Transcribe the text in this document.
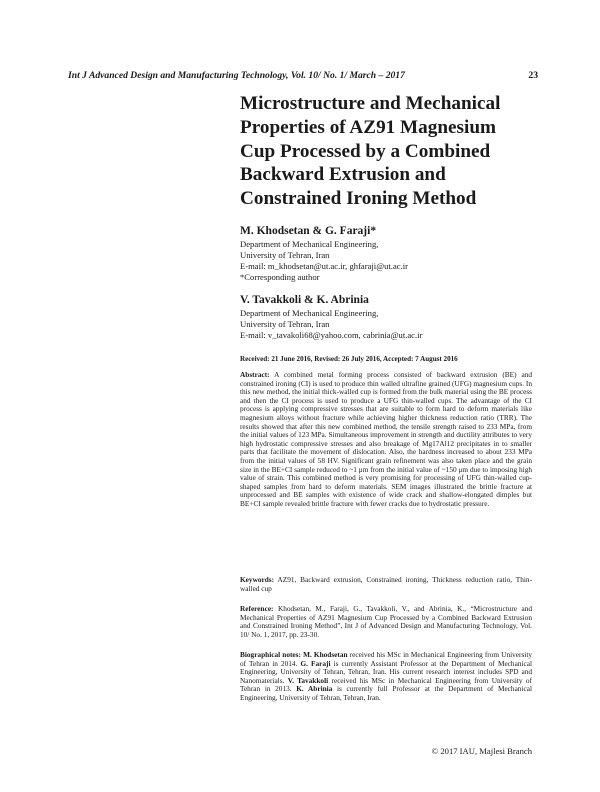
Int J Advanced Design and Manufacturing Technology, Vol. 10/ No. 1/ March – 2017	23
Microstructure and Mechanical
Properties of AZ91 Magnesium
Cup Processed by a Combined
Backward Extrusion and
Constrained Ironing Method
M. Khodsetan & G. Faraji*
Department of Mechanical Engineering,
University of Tehran, Iran
E-mail: m_khodsetan@ut.ac.ir, ghfaraji@ut.ac.ir
*Corresponding author
V. Tavakkoli & K. Abrinia
Department of Mechanical Engineering,
University of Tehran, Iran
E-mail: v_tavakoli68@yahoo.com, cabrinia@ut.ac.ir
Received: 21 June 2016, Revised: 26 July 2016, Accepted: 7 August 2016
Abstract: A combined metal forming process consisted of backward extrusion (BE) and constrained ironing (CI) is used to produce thin walled ultrafine grained (UFG) magnesium cups. In this new method, the initial thick-walled cup is formed from the bulk material using the BE process and then the CI process is used to produce a UFG thin-walled cups. The advantage of the CI process is applying compressive stresses that are suitable to form hard to deform materials like magnesium alloys without fracture while achieving higher thickness reduction ratio (TRR). The results showed that after this new combined method, the tensile strength raised to 233 MPa, from the initial values of 123 MPa. Simultaneous improvement in strength and ductility attributes to very high hydrostatic compressive stresses and also breakage of Mg17Al12 precipitates in to smaller parts that facilitate the movement of dislocation. Also, the hardness increased to about 233 MPa from the initial values of 58 HV. Significant grain refinement was also taken place and the grain size in the BE+CI sample reduced to ~1 μm from the initial value of ~150 μm due to imposing high value of strain. This combined method is very promising for processing of UFG thin-walled cup-shaped samples from hard to deform materials. SEM images illustrated the brittle fracture at unprocessed and BE samples with existence of wide crack and shallow-elongated dimples but BE+CI sample revealed brittle fracture with fewer cracks due to hydrostatic pressure.
Keywords: AZ91, Backward extrusion, Constrained ironing, Thickness reduction ratio, Thin-walled cup
Reference: Khodsetan, M., Faraji, G., Tavakkoli, V., and Abrinia, K., “Microstructure and Mechanical Properties of AZ91 Magnesium Cup Processed by a Combined Backward Extrusion and Constrained Ironing Method”, Int J of Advanced Design and Manufacturing Technology, Vol. 10/ No. 1, 2017, pp. 23-30.
Biographical notes: M. Khodsetan received his MSc in Mechanical Engineering from University of Tehran in 2014. G. Faraji is currently Assistant Professor at the Department of Mechanical Engineering, University of Tehran, Tehran, Iran. His current research interest includes SPD and Nanomaterials. V. Tavakkoli received his MSc in Mechanical Engineering from University of Tehran in 2013. K. Abrinia is currently full Professor at the Department of Mechanical Engineering, University of Tehran, Tehran, Iran.
© 2017 IAU, Majlesi Branch
